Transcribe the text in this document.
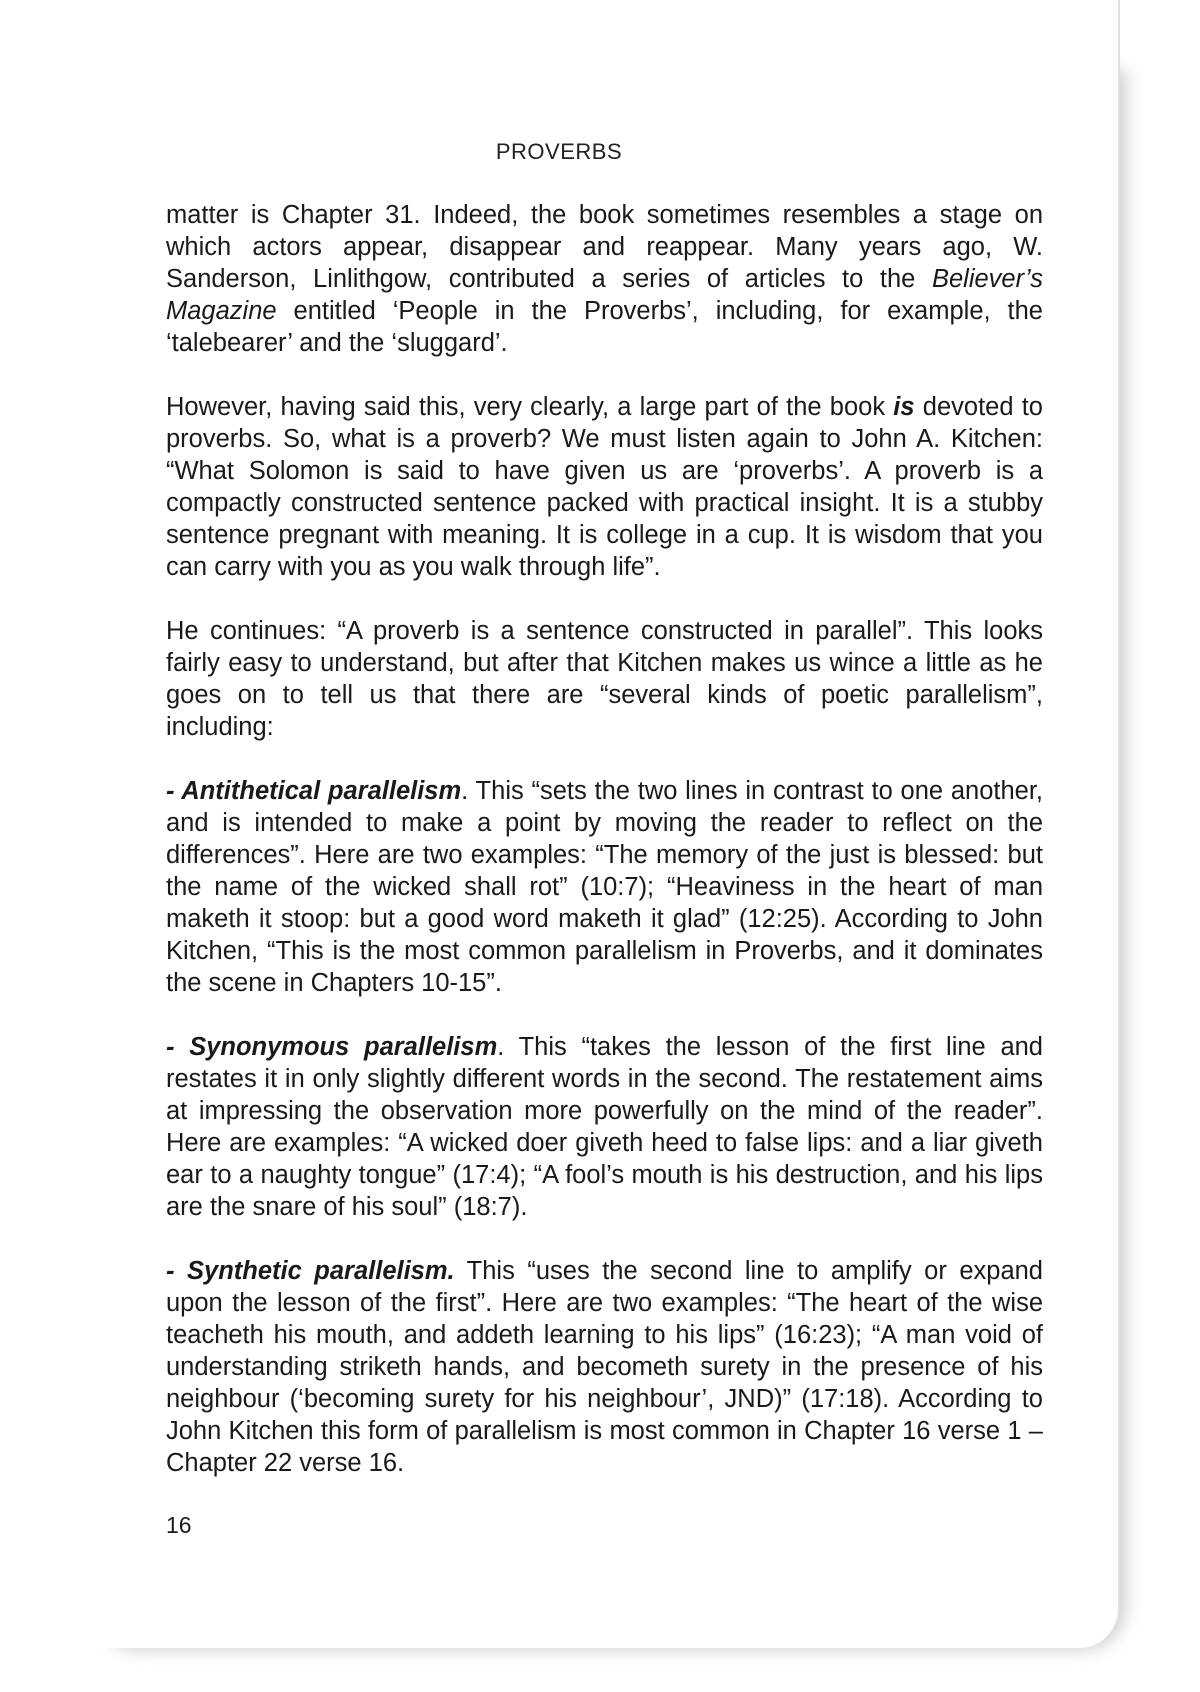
PROVERBS

matter is Chapter 31. Indeed, the book sometimes resembles a stage on which actors appear, disappear and reappear. Many years ago, W. Sanderson, Linlithgow, contributed a series of articles to the Believer’s Magazine entitled ‘People in the Proverbs’, including, for example, the ‘talebearer’ and the ‘sluggard’.

However, having said this, very clearly, a large part of the book is devoted to proverbs. So, what is a proverb? We must listen again to John A. Kitchen: “What Solomon is said to have given us are ‘proverbs’. A proverb is a compactly constructed sentence packed with practical insight. It is a stubby sentence pregnant with meaning. It is college in a cup. It is wisdom that you can carry with you as you walk through life”.

He continues: “A proverb is a sentence constructed in parallel”. This looks fairly easy to understand, but after that Kitchen makes us wince a little as he goes on to tell us that there are “several kinds of poetic parallelism”, including:

- Antithetical parallelism. This “sets the two lines in contrast to one another, and is intended to make a point by moving the reader to reflect on the differences”. Here are two examples: “The memory of the just is blessed: but the name of the wicked shall rot” (10:7); “Heaviness in the heart of man maketh it stoop: but a good word maketh it glad” (12:25). According to John Kitchen, “This is the most common parallelism in Proverbs, and it dominates the scene in Chapters 10-15”.

- Synonymous parallelism. This “takes the lesson of the first line and restates it in only slightly different words in the second. The restatement aims at impressing the observation more powerfully on the mind of the reader”. Here are examples: “A wicked doer giveth heed to false lips: and a liar giveth ear to a naughty tongue” (17:4); “A fool’s mouth is his destruction, and his lips are the snare of his soul” (18:7).

- Synthetic parallelism. This “uses the second line to amplify or expand upon the lesson of the first”. Here are two examples: “The heart of the wise teacheth his mouth, and addeth learning to his lips” (16:23); “A man void of understanding striketh hands, and becometh surety in the presence of his neighbour (‘becoming surety for his neighbour’, JND)” (17:18). According to John Kitchen this form of parallelism is most common in Chapter 16 verse 1 – Chapter 22 verse 16.

16
